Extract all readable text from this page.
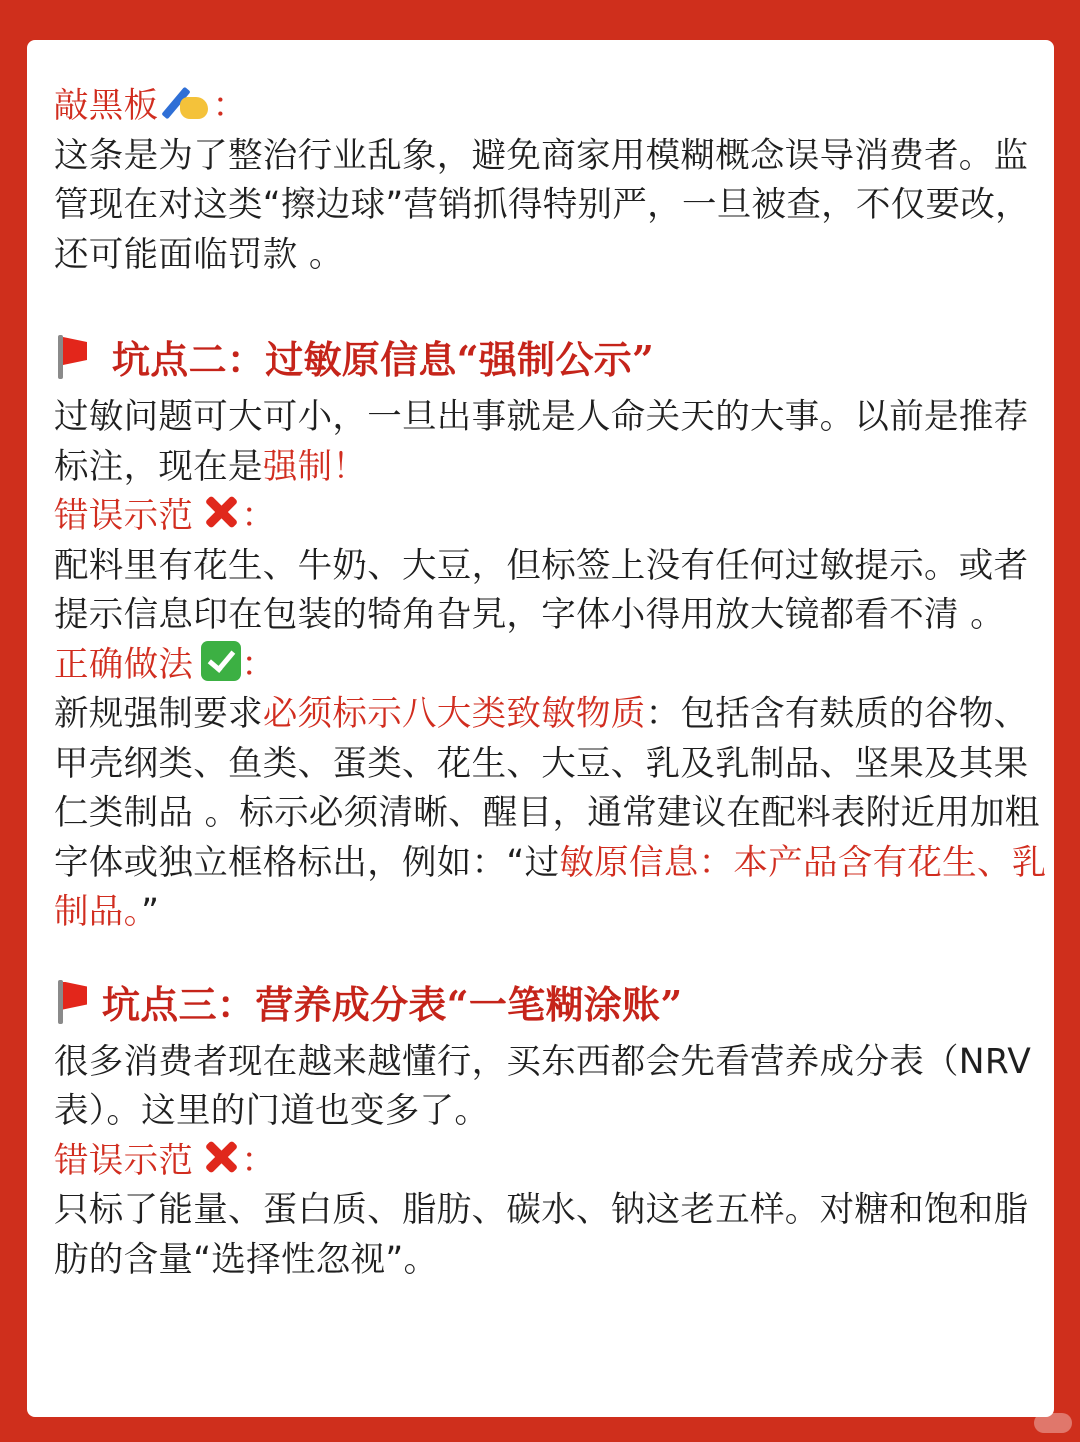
敲黑板 ：
这条是为了整治行业乱象，避免商家用模糊概念误导消费者。监管现在对这类“擦边球”营销抓得特别严，一旦被查，不仅要改，还可能面临罚款 。
坑点二：过敏原信息“强制公示”
过敏问题可大可小，一旦出事就是人命关天的大事。以前是推荐标注，现在是强制！
错误示范 ：
配料里有花生、牛奶、大豆，但标签上没有任何过敏提示。或者提示信息印在包装的犄角旮旯，字体小得用放大镜都看不清 。
正确做法 ：
新规强制要求必须标示八大类致敏物质：包括含有麸质的谷物、甲壳纲类、鱼类、蛋类、花生、大豆、乳及乳制品、坚果及其果仁类制品 。标示必须清晰、醒目，通常建议在配料表附近用加粗字体或独立框格标出，例如：“过敏原信息：本产品含有花生、乳制品。”
坑点三：营养成分表“一笔糊涂账”
很多消费者现在越来越懂行，买东西都会先看营养成分表（NRV表）。这里的门道也变多了。
错误示范 ：
只标了能量、蛋白质、脂肪、碳水、钠这老五样。对糖和饱和脂肪的含量“选择性忽视”。
